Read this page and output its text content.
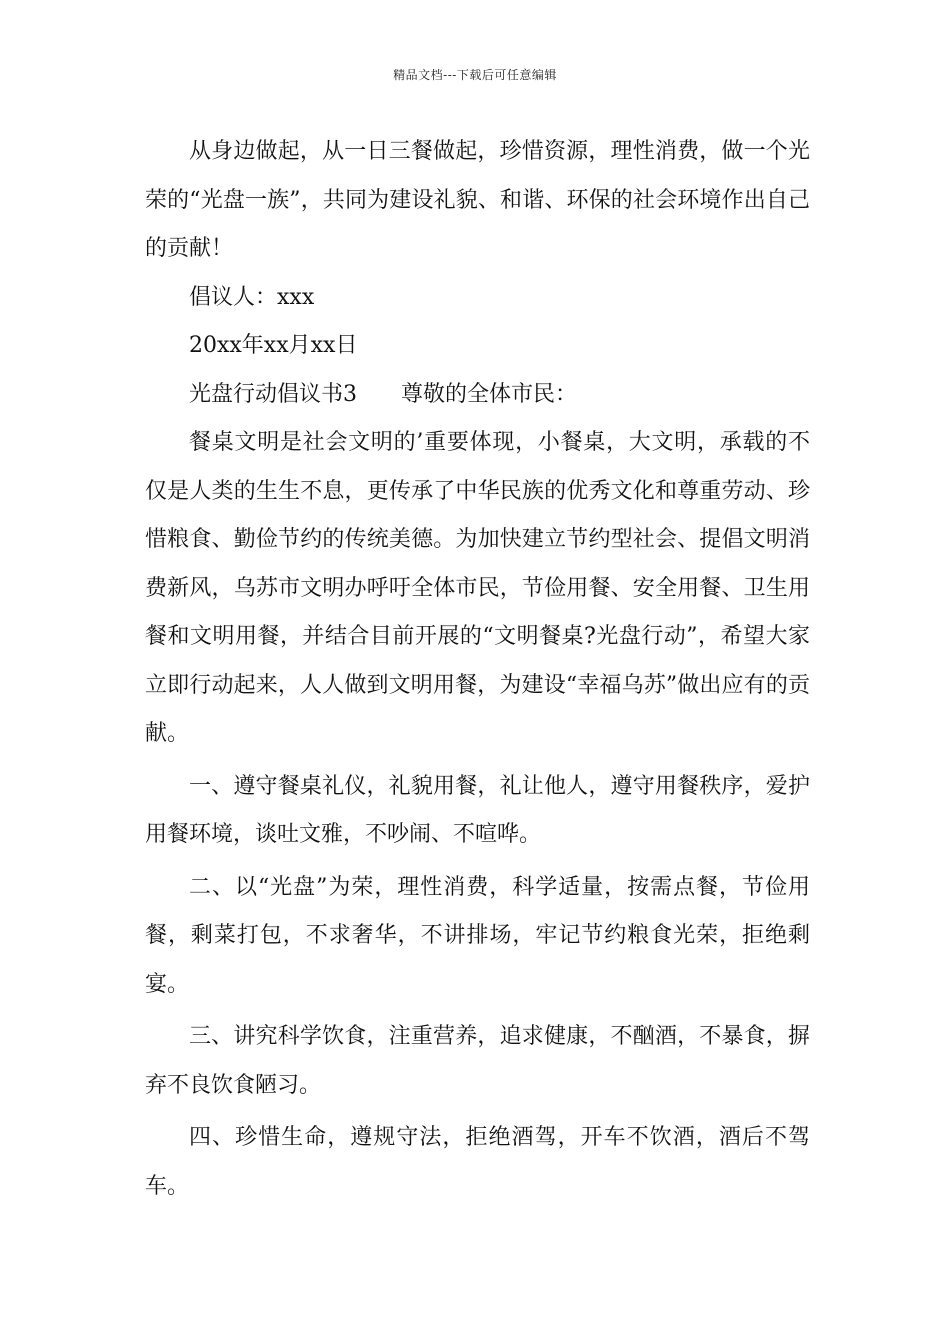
精品文档---下载后可任意编辑

从身边做起，从一日三餐做起，珍惜资源，理性消费，做一个光荣的“光盘一族”，共同为建设礼貌、和谐、环保的社会环境作出自己的贡献！

倡议人：xxx

20xx年xx月xx日

光盘行动倡议书3　　尊敬的全体市民：

餐桌文明是社会文明的’重要体现，小餐桌，大文明，承载的不仅是人类的生生不息，更传承了中华民族的优秀文化和尊重劳动、珍惜粮食、勤俭节约的传统美德。为加快建立节约型社会、提倡文明消费新风，乌苏市文明办呼吁全体市民，节俭用餐、安全用餐、卫生用餐和文明用餐，并结合目前开展的“文明餐桌?光盘行动”，希望大家立即行动起来，人人做到文明用餐，为建设“幸福乌苏”做出应有的贡献。

一、遵守餐桌礼仪，礼貌用餐，礼让他人，遵守用餐秩序，爱护用餐环境，谈吐文雅，不吵闹、不喧哗。

二、以“光盘”为荣，理性消费，科学适量，按需点餐，节俭用餐，剩菜打包，不求奢华，不讲排场，牢记节约粮食光荣，拒绝剩宴。

三、讲究科学饮食，注重营养，追求健康，不酗酒，不暴食，摒弃不良饮食陋习。

四、珍惜生命，遵规守法，拒绝酒驾，开车不饮酒，酒后不驾车。
